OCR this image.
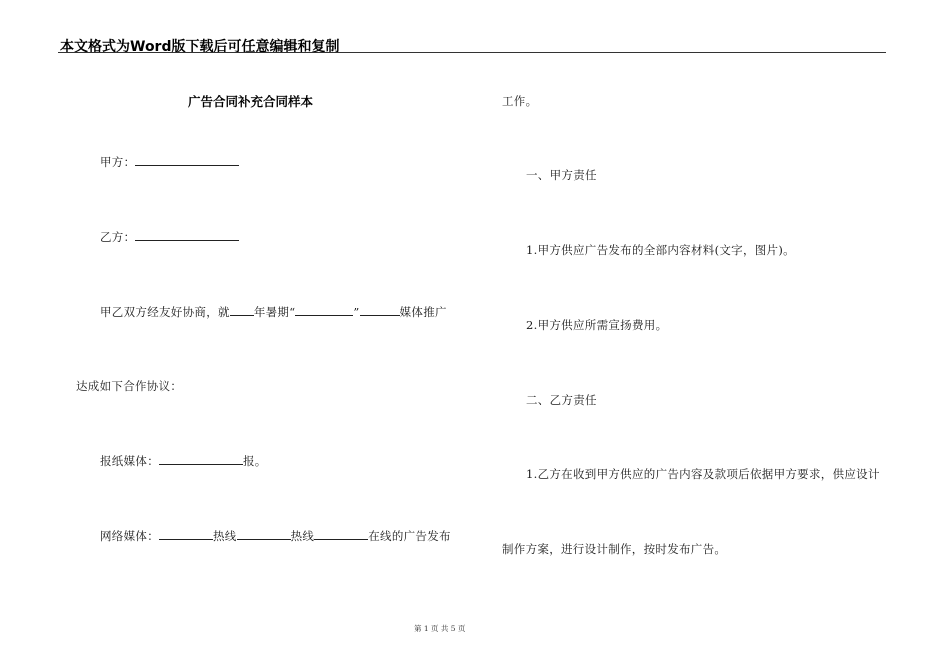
本文格式为Word版下载后可任意编辑和复制
广告合同补充合同样本
甲方：
乙方：
甲乙双方经友好协商，就 年暑期“	”	媒体推广
达成如下合作协议：
报纸媒体：	报。
网络媒体：	热线	热线	在线的广告发布
工作。
一、甲方责任
1.甲方供应广告发布的全部内容材料(文字，图片)。
2.甲方供应所需宣扬费用。
二、乙方责任
1.乙方在收到甲方供应的广告内容及款项后依据甲方要求，供应设计
制作方案，进行设计制作，按时发布广告。
第 1 页 共 5 页
